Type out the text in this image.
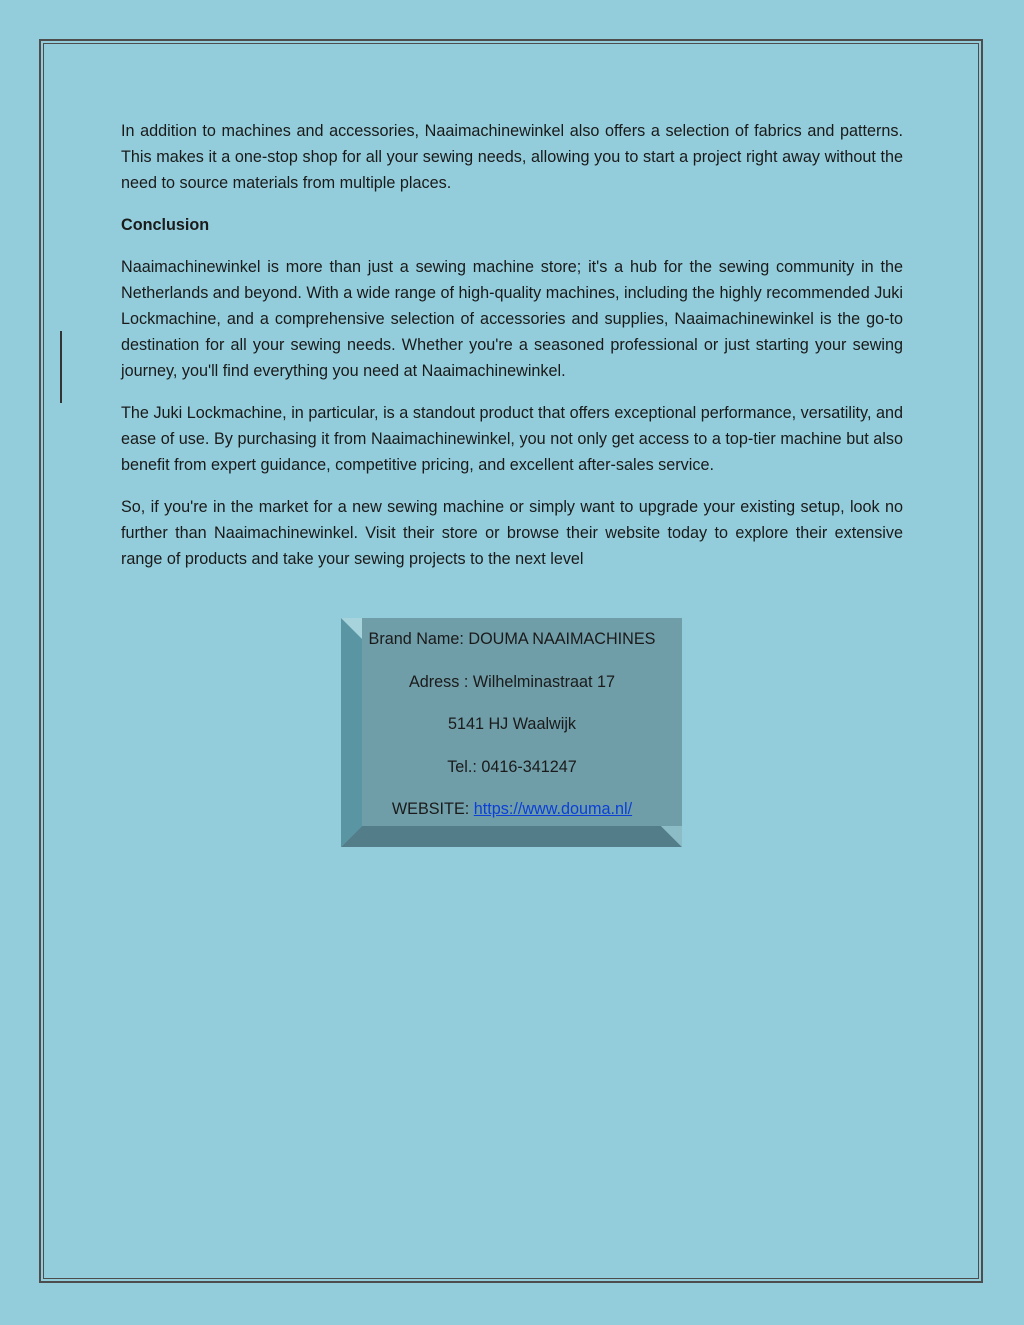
In addition to machines and accessories, Naaimachinewinkel also offers a selection of fabrics and patterns. This makes it a one-stop shop for all your sewing needs, allowing you to start a project right away without the need to source materials from multiple places.

Conclusion

Naaimachinewinkel is more than just a sewing machine store; it's a hub for the sewing community in the Netherlands and beyond. With a wide range of high-quality machines, including the highly recommended Juki Lockmachine, and a comprehensive selection of accessories and supplies, Naaimachinewinkel is the go-to destination for all your sewing needs. Whether you're a seasoned professional or just starting your sewing journey, you'll find everything you need at Naaimachinewinkel.

The Juki Lockmachine, in particular, is a standout product that offers exceptional performance, versatility, and ease of use. By purchasing it from Naaimachinewinkel, you not only get access to a top-tier machine but also benefit from expert guidance, competitive pricing, and excellent after-sales service.

So, if you're in the market for a new sewing machine or simply want to upgrade your existing setup, look no further than Naaimachinewinkel. Visit their store or browse their website today to explore their extensive range of products and take your sewing projects to the next level

Brand Name: DOUMA NAAIMACHINES
Adress : Wilhelminastraat 17
5141 HJ Waalwijk
Tel.: 0416-341247
WEBSITE: https://www.douma.nl/
